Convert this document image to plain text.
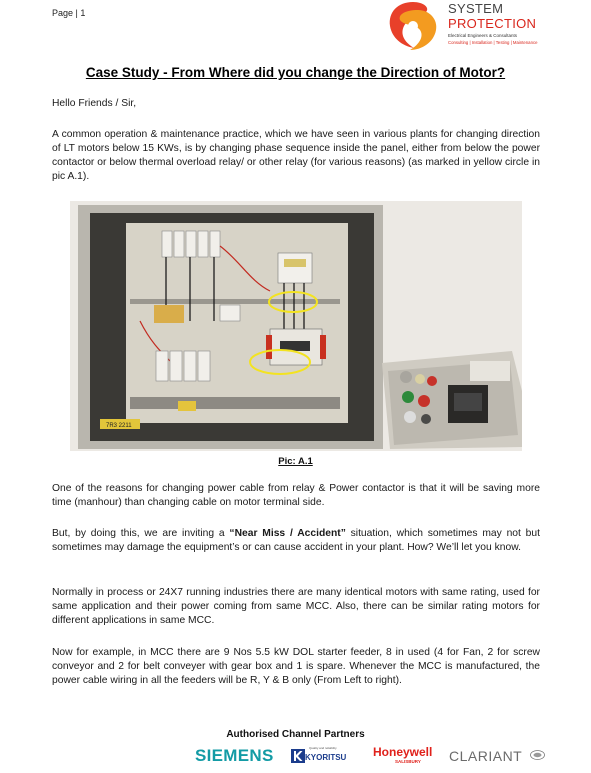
Page | 1	SYSTEM
PROTECTION
Electrical Engineers & Consultants
Consulting | Installation | Testing | Maintenance
Case Study - From Where did you change the Direction of Motor?
Hello Friends / Sir,
A common operation & maintenance practice, which we have seen in various plants for changing direction of LT motors below 15 KWs, is by changing phase sequence inside the panel, either from below the power contactor or below thermal overload relay/ or other relay (for various reasons) (as marked in yellow circle in pic A.1).
7R3 2211
Pic: A.1
One of the reasons for changing power cable from relay & Power contactor is that it will be saving more time (manhour) than changing cable on motor terminal side.
But, by doing this, we are inviting a “Near Miss / Accident” situation, which sometimes may not but sometimes may damage the equipment’s or can cause accident in your plant. How? We’ll let you know.
Normally in process or 24X7 running industries there are many identical motors with same rating, used for same application and their power coming from same MCC. Also, there can be similar rating motors for different applications in same MCC.
Now for example, in MCC there are 9 Nos 5.5 kW DOL starter feeder, 8 in used (4 for Fan, 2 for screw conveyor and 2 for belt conveyer with gear box and 1 is spare. Whenever the MCC is manufactured, the power cable wiring in all the feeders will be R, Y & B only (From Left to right).
Authorised Channel Partners
SIEMENS	Quality and reliability
KYORITSU Honeywell
SALISBURY CLARIANT
